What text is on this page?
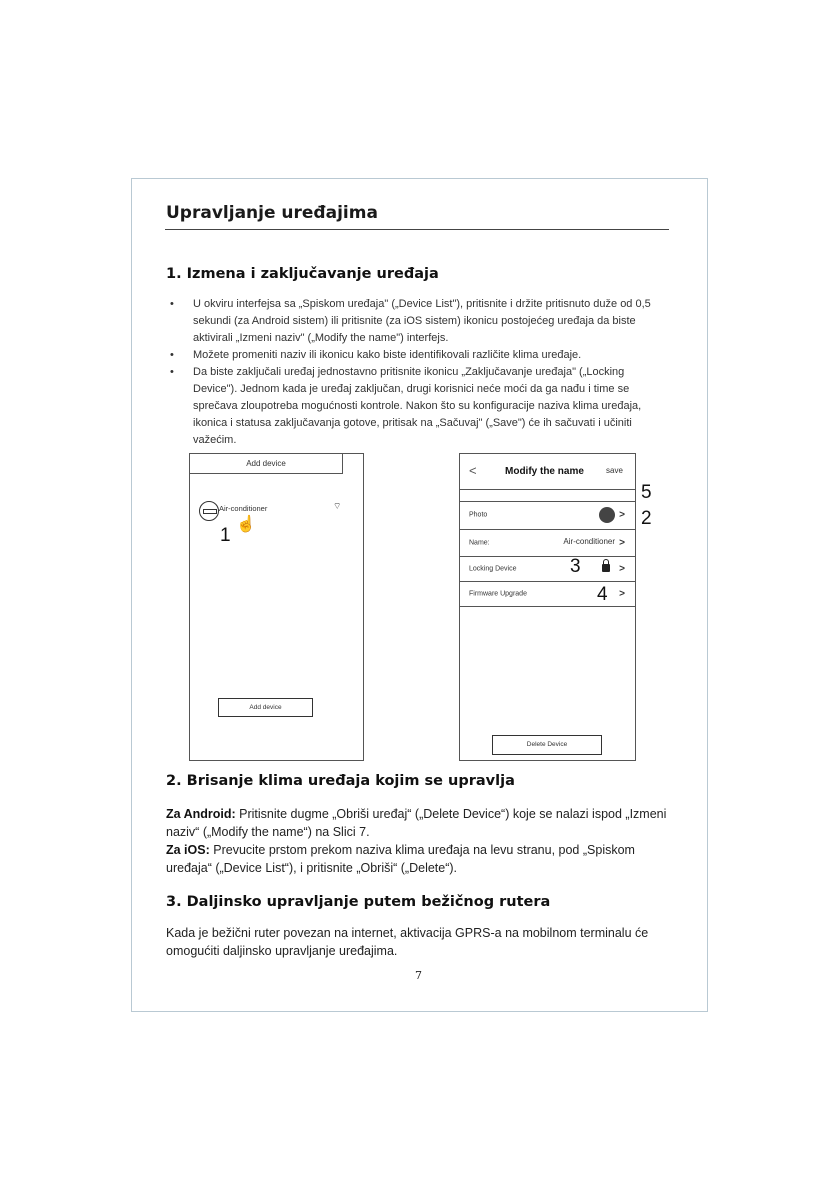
Upravljanje uređajima
1. Izmena i zaključavanje uređaja
• U okviru interfejsa sa „Spiskom uređaja" („Device List"), pritisnite i držite pritisnuto duže od 0,5 sekundi (za Android sistem) ili pritisnite (za iOS sistem) ikonicu postojećeg uređaja da biste aktivirali „Izmeni naziv" („Modify the name") interfejs.
• Možete promeniti naziv ili ikonicu kako biste identifikovali različite klima uređaje.
• Da biste zaključali uređaj jednostavno pritisnite ikonicu „Zaključavanje uređaja" („Locking Device"). Jednom kada je uređaj zaključan, drugi korisnici neće moći da ga nađu i time se sprečava zloupotreba mogućnosti kontrole. Nakon što su konfiguracije naziva klima uređaja, ikonica i statusa zaključavanja gotove, pritisak na „Sačuvaj" („Save") će ih sačuvati i učiniti važećim.
Add device
Air-conditioner	⌔
☝
1
Add device
<	Modify the name	save
Photo	>
Name:	Air-conditioner >
Locking Device	>
Firmware Upgrade	>
2
3
4
5
Delete Device
2. Brisanje klima uređaja kojim se upravlja
Za Android: Pritisnite dugme „Obriši uređaj“ („Delete Device“) koje se nalazi ispod „Izmeni naziv“ („Modify the name“) na Slici 7.
Za iOS: Prevucite prstom prekom naziva klima uređaja na levu stranu, pod „Spiskom uređaja“ („Device List“), i pritisnite „Obriši“ („Delete“).
3. Daljinsko upravljanje putem bežičnog rutera
Kada je bežični ruter povezan na internet, aktivacija GPRS-a na mobilnom terminalu će omogućiti daljinsko upravljanje uređajima.
7
